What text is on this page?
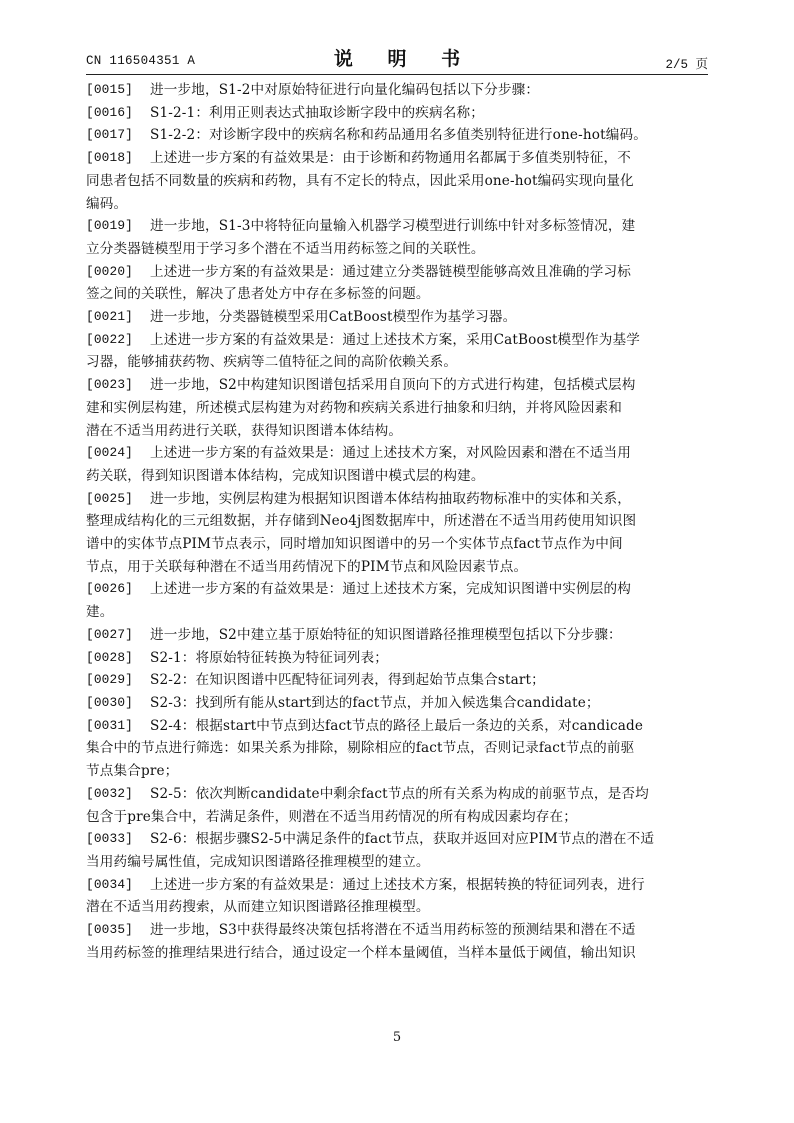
CN 116504351 A	说 明 书	2/5 页
[0015] 进一步地，S1-2中对原始特征进行向量化编码包括以下分步骤：
[0016] S1-2-1：利用正则表达式抽取诊断字段中的疾病名称；
[0017] S1-2-2：对诊断字段中的疾病名称和药品通用名多值类别特征进行one-hot编码。
[0018] 上述进一步方案的有益效果是：由于诊断和药物通用名都属于多值类别特征，不
同患者包括不同数量的疾病和药物，具有不定长的特点，因此采用one-hot编码实现向量化
编码。
[0019] 进一步地，S1-3中将特征向量输入机器学习模型进行训练中针对多标签情况，建
立分类器链模型用于学习多个潜在不适当用药标签之间的关联性。
[0020] 上述进一步方案的有益效果是：通过建立分类器链模型能够高效且准确的学习标
签之间的关联性，解决了患者处方中存在多标签的问题。
[0021] 进一步地，分类器链模型采用CatBoost模型作为基学习器。
[0022] 上述进一步方案的有益效果是：通过上述技术方案，采用CatBoost模型作为基学
习器，能够捕获药物、疾病等二值特征之间的高阶依赖关系。
[0023] 进一步地，S2中构建知识图谱包括采用自顶向下的方式进行构建，包括模式层构
建和实例层构建，所述模式层构建为对药物和疾病关系进行抽象和归纳，并将风险因素和
潜在不适当用药进行关联，获得知识图谱本体结构。
[0024] 上述进一步方案的有益效果是：通过上述技术方案，对风险因素和潜在不适当用
药关联，得到知识图谱本体结构，完成知识图谱中模式层的构建。
[0025] 进一步地，实例层构建为根据知识图谱本体结构抽取药物标准中的实体和关系，
整理成结构化的三元组数据，并存储到Neo4j图数据库中，所述潜在不适当用药使用知识图
谱中的实体节点PIM节点表示，同时增加知识图谱中的另一个实体节点fact节点作为中间
节点，用于关联每种潜在不适当用药情况下的PIM节点和风险因素节点。
[0026] 上述进一步方案的有益效果是：通过上述技术方案，完成知识图谱中实例层的构
建。
[0027] 进一步地，S2中建立基于原始特征的知识图谱路径推理模型包括以下分步骤：
[0028] S2-1：将原始特征转换为特征词列表；
[0029] S2-2：在知识图谱中匹配特征词列表，得到起始节点集合start；
[0030] S2-3：找到所有能从start到达的fact节点，并加入候选集合candidate；
[0031] S2-4：根据start中节点到达fact节点的路径上最后一条边的关系，对candicade
集合中的节点进行筛选：如果关系为排除，剔除相应的fact节点，否则记录fact节点的前驱
节点集合pre；
[0032] S2-5：依次判断candidate中剩余fact节点的所有关系为构成的前驱节点，是否均
包含于pre集合中，若满足条件，则潜在不适当用药情况的所有构成因素均存在；
[0033] S2-6：根据步骤S2-5中满足条件的fact节点，获取并返回对应PIM节点的潜在不适
当用药编号属性值，完成知识图谱路径推理模型的建立。
[0034] 上述进一步方案的有益效果是：通过上述技术方案，根据转换的特征词列表，进行
潜在不适当用药搜索，从而建立知识图谱路径推理模型。
[0035] 进一步地，S3中获得最终决策包括将潜在不适当用药标签的预测结果和潜在不适
当用药标签的推理结果进行结合，通过设定一个样本量阈值，当样本量低于阈值，输出知识
5
